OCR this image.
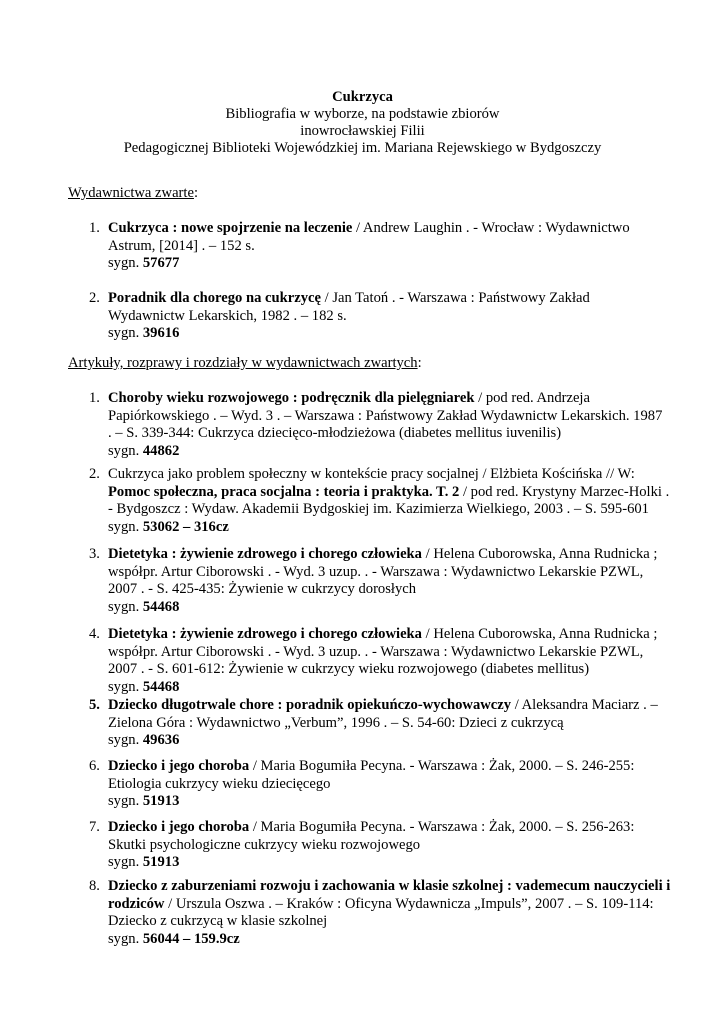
Cukrzyca
Bibliografia w wyborze, na podstawie zbiorów
inowrocławskiej Filii
Pedagogicznej Biblioteki Wojewódzkiej im. Mariana Rejewskiego w Bydgoszczy
Wydawnictwa zwarte:
Artykuły, rozprawy i rozdziały w wydawnictwach zwartych:
1. Cukrzyca : nowe spojrzenie na leczenie / Andrew Laughin . - Wrocław : Wydawnictwo
Astrum, [2014] . – 152 s.
sygn. 57677
2. Poradnik dla chorego na cukrzycę / Jan Tatoń . - Warszawa : Państwowy Zakład
Wydawnictw Lekarskich, 1982 . – 182 s.
sygn. 39616
1. Choroby wieku rozwojowego : podręcznik dla pielęgniarek / pod red. Andrzeja
Papiórkowskiego . – Wyd. 3 . – Warszawa : Państwowy Zakład Wydawnictw Lekarskich. 1987
. – S. 339-344: Cukrzyca dziecięco-młodzieżowa (diabetes mellitus iuvenilis)
sygn. 44862
2. Cukrzyca jako problem społeczny w kontekście pracy socjalnej / Elżbieta Kościńska // W:
Pomoc społeczna, praca socjalna : teoria i praktyka. T. 2 / pod red. Krystyny Marzec-Holki .
- Bydgoszcz : Wydaw. Akademii Bydgoskiej im. Kazimierza Wielkiego, 2003 . – S. 595-601
sygn. 53062 – 316cz
3. Dietetyka : żywienie zdrowego i chorego człowieka / Helena Cuborowska, Anna Rudnicka ;
współpr. Artur Ciborowski . - Wyd. 3 uzup. . - Warszawa : Wydawnictwo Lekarskie PZWL,
2007 . - S. 425-435: Żywienie w cukrzycy dorosłych
sygn. 54468
4. Dietetyka : żywienie zdrowego i chorego człowieka / Helena Cuborowska, Anna Rudnicka ;
współpr. Artur Ciborowski . - Wyd. 3 uzup. . - Warszawa : Wydawnictwo Lekarskie PZWL,
2007 . - S. 601-612: Żywienie w cukrzycy wieku rozwojowego (diabetes mellitus)
sygn. 54468
5. Dziecko długotrwale chore : poradnik opiekuńczo-wychowawczy / Aleksandra Maciarz . –
Zielona Góra : Wydawnictwo „Verbum”, 1996 . – S. 54-60: Dzieci z cukrzycą
sygn. 49636
6. Dziecko i jego choroba / Maria Bogumiła Pecyna. - Warszawa : Żak, 2000. – S. 246-255:
Etiologia cukrzycy wieku dziecięcego
sygn. 51913
7. Dziecko i jego choroba / Maria Bogumiła Pecyna. - Warszawa : Żak, 2000. – S. 256-263:
Skutki psychologiczne cukrzycy wieku rozwojowego
sygn. 51913
8. Dziecko z zaburzeniami rozwoju i zachowania w klasie szkolnej : vademecum nauczycieli i
rodziców / Urszula Oszwa . – Kraków : Oficyna Wydawnicza „Impuls”, 2007 . – S. 109-114:
Dziecko z cukrzycą w klasie szkolnej
sygn. 56044 – 159.9cz
